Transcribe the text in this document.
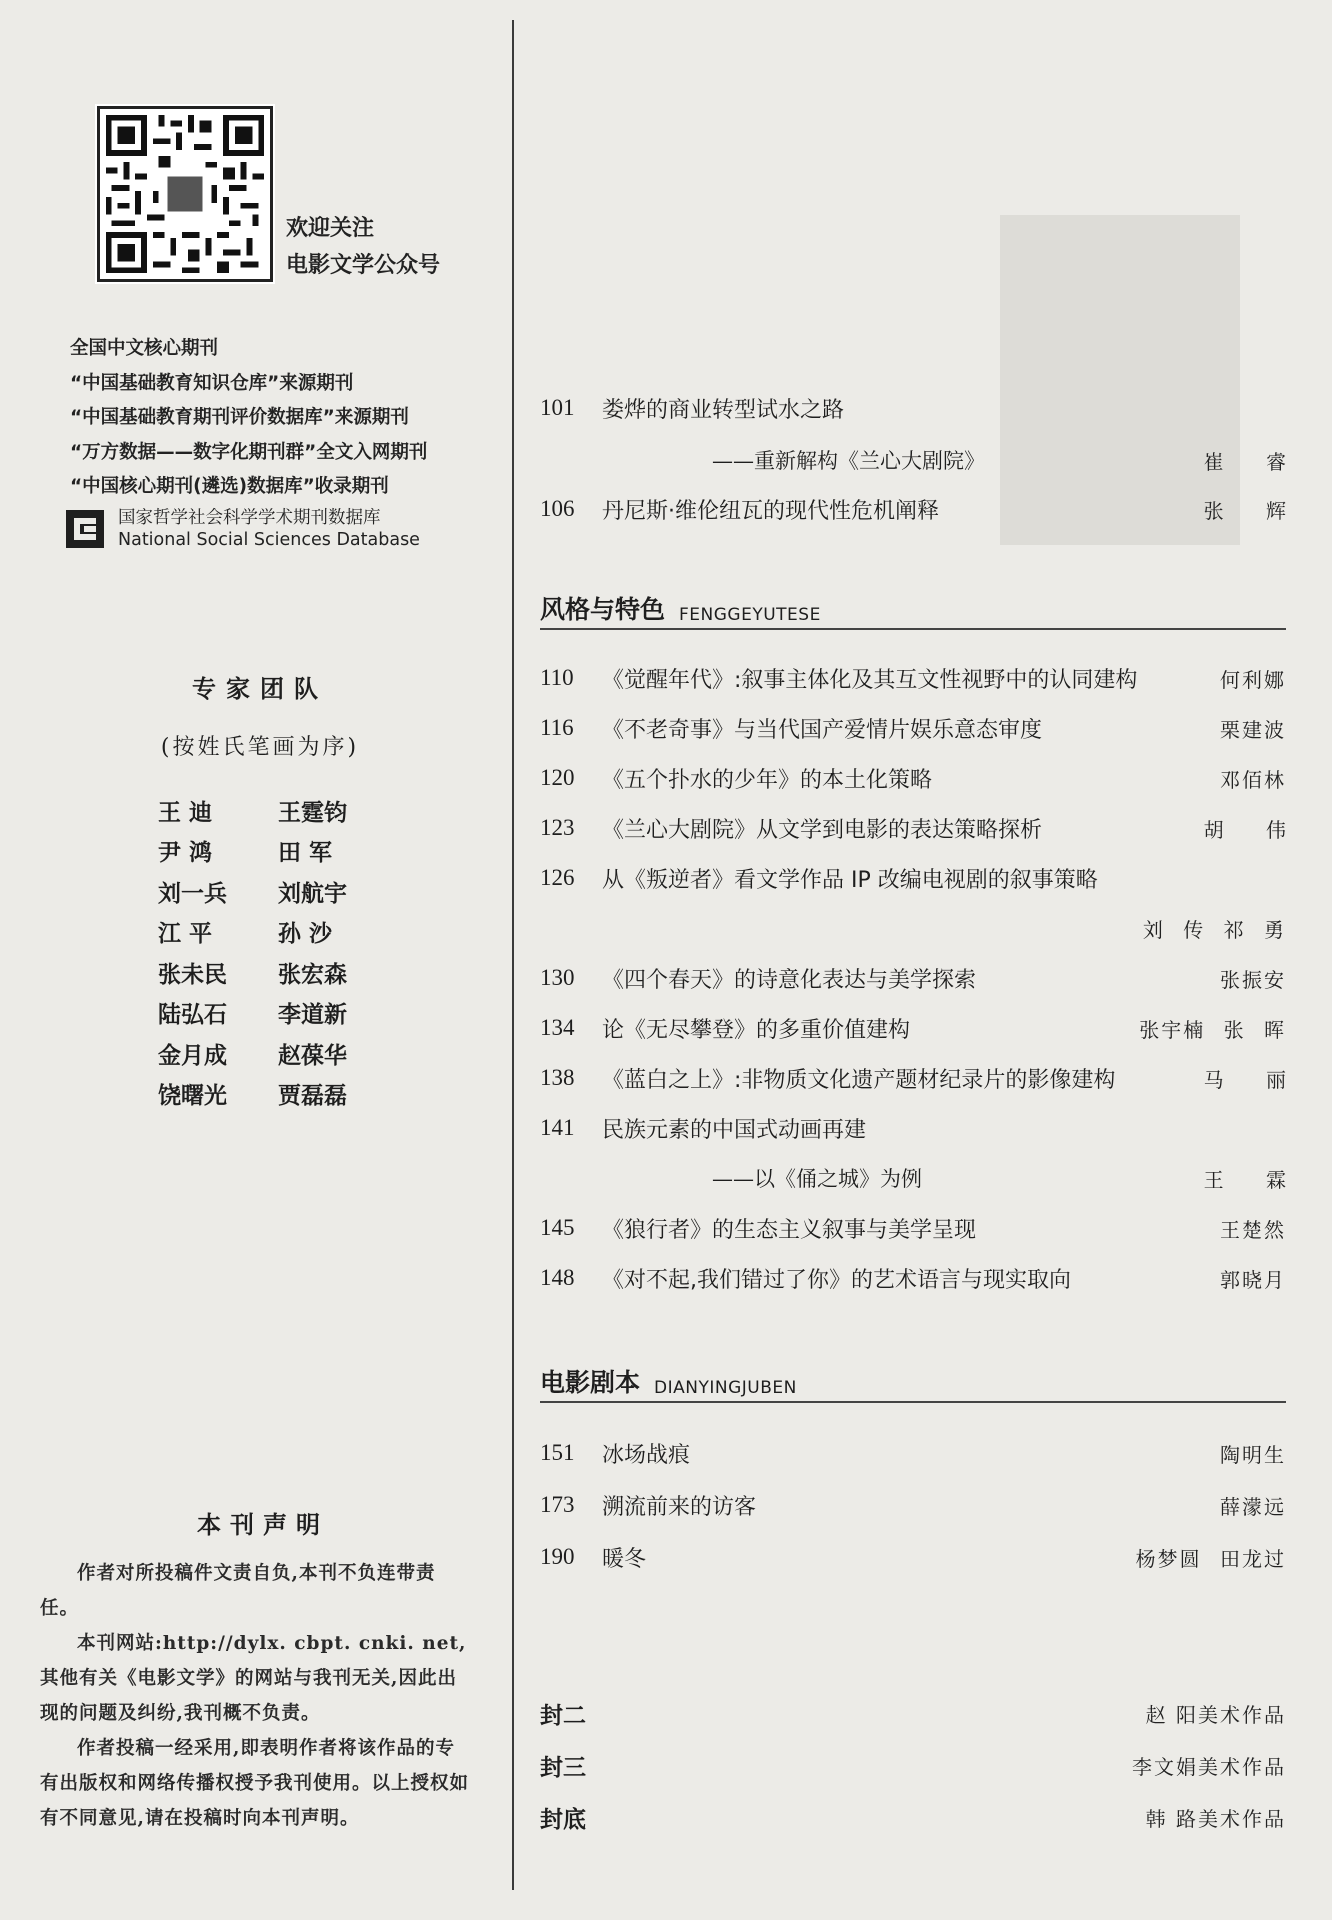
欢迎关注
电影文学公众号
全国中文核心期刊
“中国基础教育知识仓库”来源期刊
“中国基础教育期刊评价数据库”来源期刊
“万方数据——数字化期刊群”全文入网期刊
“中国核心期刊(遴选)数据库”收录期刊
国家哲学社会科学学术期刊数据库
National Social Sciences Database
专家团队
(按姓氏笔画为序)
王 迪	王霆钧
尹 鸿	田 军
刘一兵	刘航宇
江 平	孙 沙
张未民	张宏森
陆弘石	李道新
金月成	赵葆华
饶曙光	贾磊磊
本刊声明

作者对所投稿件文责自负,本刊不负连带责任。

本刊网站:http://dylx. cbpt. cnki. net,其他有关《电影文学》的网站与我刊无关,因此出现的问题及纠纷,我刊概不负责。

作者投稿一经采用,即表明作者将该作品的专有出版权和网络传播权授予我刊使用。以上授权如有不同意见,请在投稿时向本刊声明。

101	娄烨的商业转型试水之路
——重新解构《兰心大剧院》	崔 睿
106	丹尼斯·维伦纽瓦的现代性危机阐释	张 辉
风格与特色 FENGGEYUTESE
110	《觉醒年代》:叙事主体化及其互文性视野中的认同建构	何利娜
116	《不老奇事》与当代国产爱情片娱乐意态审度	栗建波
120	《五个扑水的少年》的本土化策略	邓佰林
123	《兰心大剧院》从文学到电影的表达策略探析	胡 伟
126	从《叛逆者》看文学作品 IP 改编电视剧的叙事策略
刘 传 祁 勇
130	《四个春天》的诗意化表达与美学探索	张振安
134	论《无尽攀登》的多重价值建构	张宇楠 张 晖
138	《蓝白之上》:非物质文化遗产题材纪录片的影像建构	马 丽
141	民族元素的中国式动画再建
——以《俑之城》为例	王 霖
145	《狼行者》的生态主义叙事与美学呈现	王楚然
148	《对不起,我们错过了你》的艺术语言与现实取向	郭晓月
电影剧本 DIANYINGJUBEN
151	冰场战痕	陶明生
173	溯流前来的访客	薛濛远
190	暖冬	杨梦圆 田龙过
封二	赵 阳美术作品
封三	李文娟美术作品
封底	韩 路美术作品
